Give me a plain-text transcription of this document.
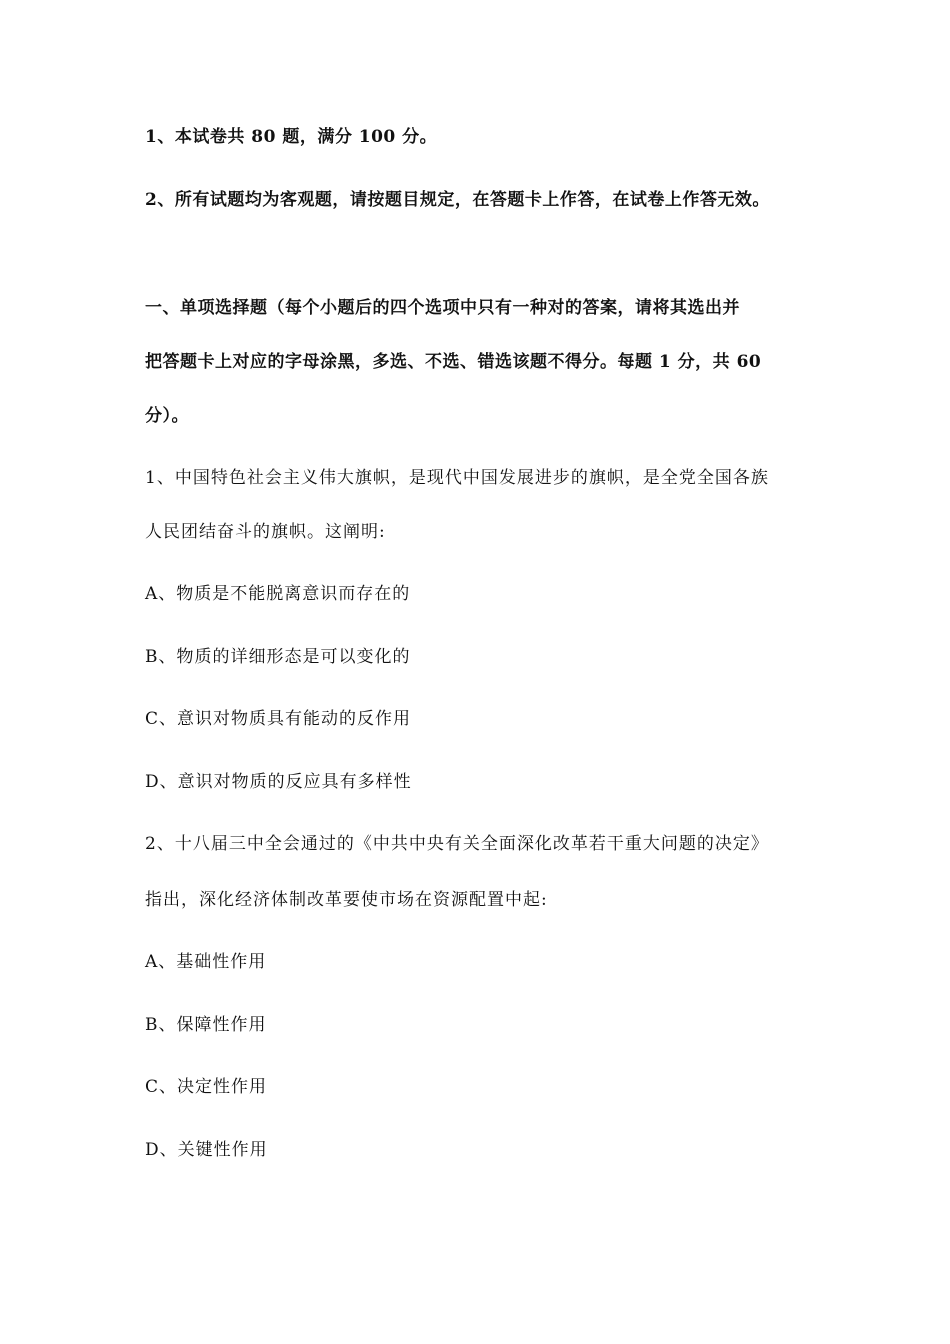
1、本试卷共 80 题，满分 100 分。
2、所有试题均为客观题，请按题目规定，在答题卡上作答，在试卷上作答无效。
一、单项选择题（每个小题后的四个选项中只有一种对的答案，请将其选出并
把答题卡上对应的字母涂黑，多选、不选、错选该题不得分。每题 1 分，共 60
分）。
1、中国特色社会主义伟大旗帜，是现代中国发展进步的旗帜，是全党全国各族
人民团结奋斗的旗帜。这阐明:
A、物质是不能脱离意识而存在的
B、物质的详细形态是可以变化的
C、意识对物质具有能动的反作用
D、意识对物质的反应具有多样性
2、十八届三中全会通过的《中共中央有关全面深化改革若干重大问题的决定》
指出，深化经济体制改革要使市场在资源配置中起:
A、基础性作用
B、保障性作用
C、决定性作用
D、关键性作用
